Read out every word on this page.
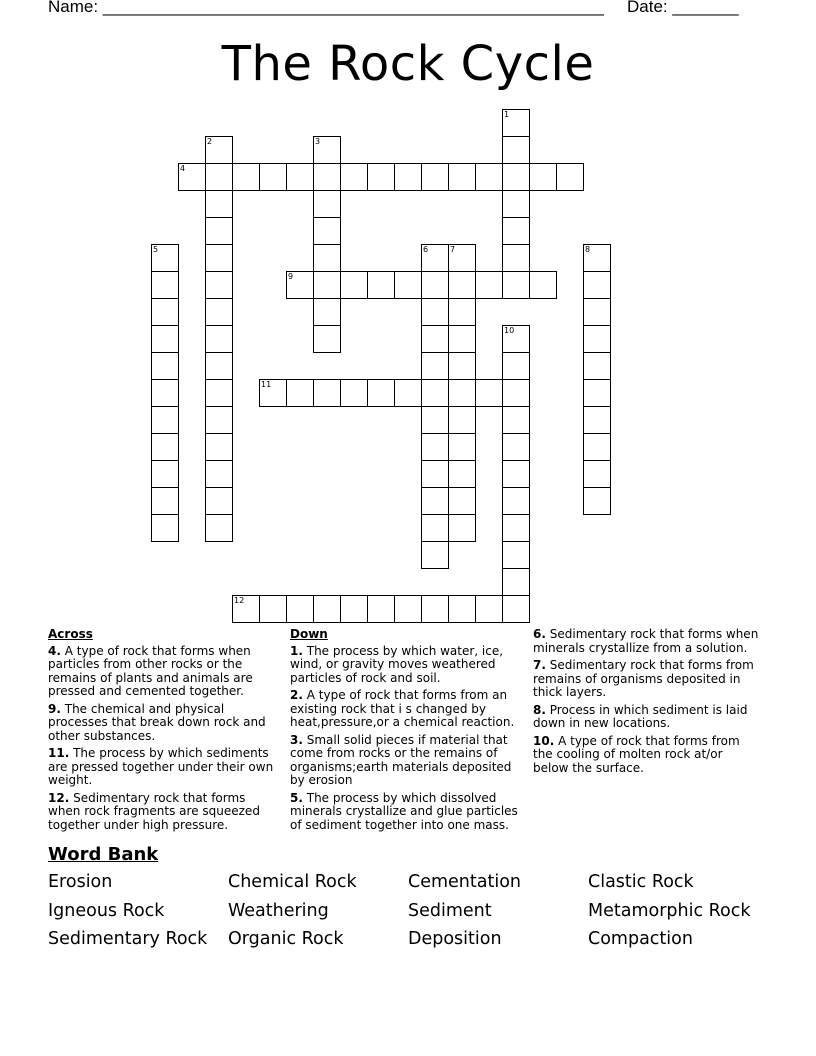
Name: _____________________________________________________ Date: _______
The Rock Cycle
1
2	3
4
5	6	7	8
9
10
11
12
Across
4. A type of rock that forms when particles from other rocks or the remains of plants and animals are pressed and cemented together.
9. The chemical and physical processes that break down rock and other substances.
11. The process by which sediments are pressed together under their own weight.
12. Sedimentary rock that forms when rock fragments are squeezed together under high pressure.
Down
1. The process by which water, ice, wind, or gravity moves weathered particles of rock and soil.
2. A type of rock that forms from an existing rock that i s changed by heat,pressure,or a chemical reaction.
3. Small solid pieces if material that come from rocks or the remains of organisms;earth materials deposited by erosion
5. The process by which dissolved minerals crystallize and glue particles of sediment together into one mass.
6. Sedimentary rock that forms when minerals crystallize from a solution.
7. Sedimentary rock that forms from remains of organisms deposited in thick layers.
8. Process in which sediment is laid down in new locations.
10. A type of rock that forms from the cooling of molten rock at/or below the surface.
Word Bank
Erosion	Chemical Rock	Cementation	Clastic Rock
Igneous Rock	Weathering	Sediment	Metamorphic Rock
Sedimentary Rock Organic Rock	Deposition	Compaction
